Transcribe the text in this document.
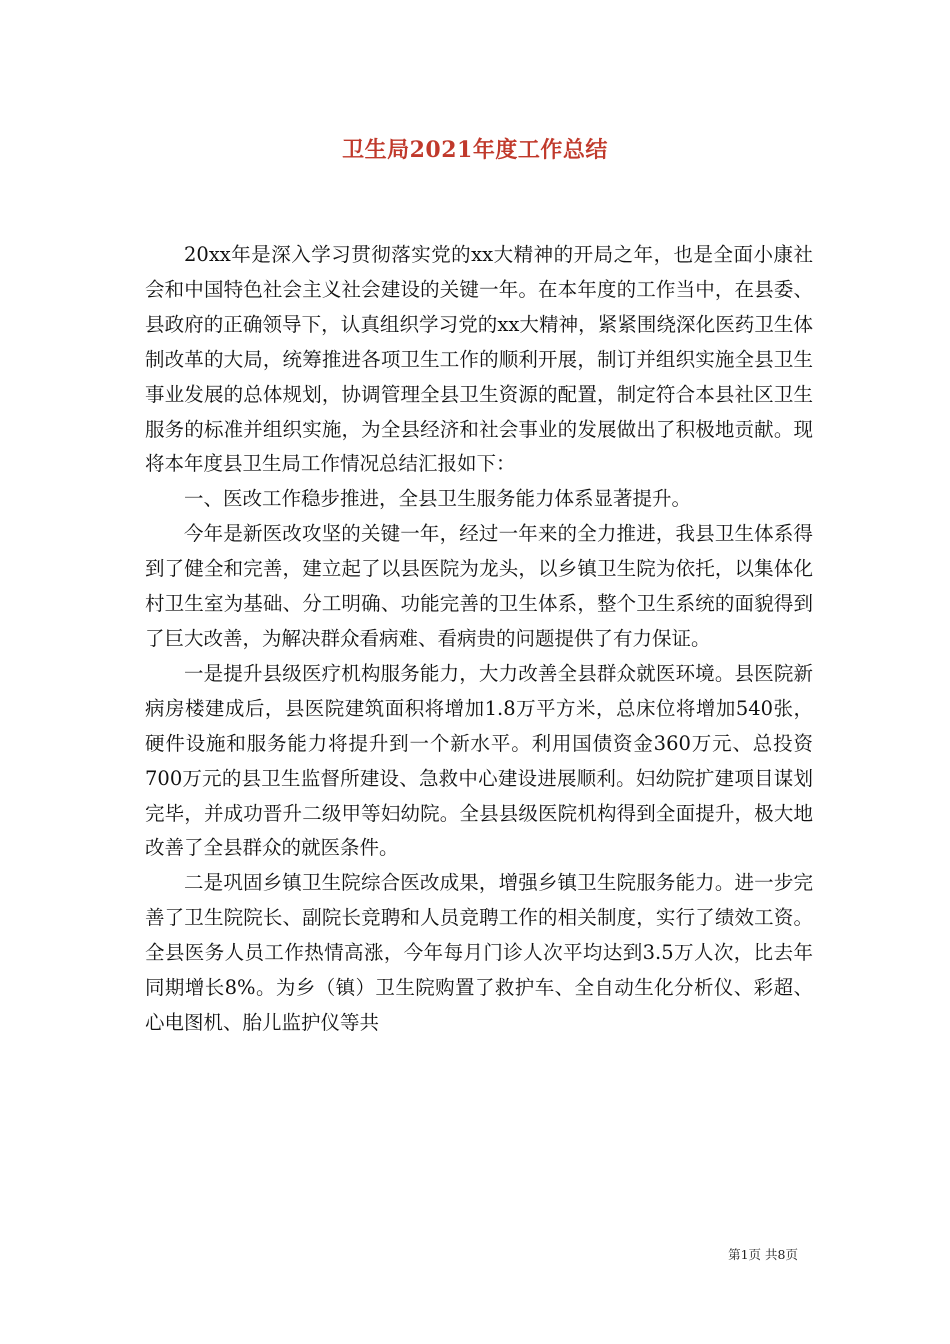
卫生局2021年度工作总结

20xx年是深入学习贯彻落实党的xx大精神的开局之年，也是全面小康社会和中国特色社会主义社会建设的关键一年。在本年度的工作当中，在县委、县政府的正确领导下，认真组织学习党的xx大精神，紧紧围绕深化医药卫生体制改革的大局，统筹推进各项卫生工作的顺利开展，制订并组织实施全县卫生事业发展的总体规划，协调管理全县卫生资源的配置，制定符合本县社区卫生服务的标准并组织实施，为全县经济和社会事业的发展做出了积极地贡献。现将本年度县卫生局工作情况总结汇报如下：

一、医改工作稳步推进，全县卫生服务能力体系显著提升。

今年是新医改攻坚的关键一年，经过一年来的全力推进，我县卫生体系得到了健全和完善，建立起了以县医院为龙头，以乡镇卫生院为依托，以集体化村卫生室为基础、分工明确、功能完善的卫生体系，整个卫生系统的面貌得到了巨大改善，为解决群众看病难、看病贵的问题提供了有力保证。

一是提升县级医疗机构服务能力，大力改善全县群众就医环境。县医院新病房楼建成后，县医院建筑面积将增加1.8万平方米，总床位将增加540张，硬件设施和服务能力将提升到一个新水平。利用国债资金360万元、总投资700万元的县卫生监督所建设、急救中心建设进展顺利。妇幼院扩建项目谋划完毕，并成功晋升二级甲等妇幼院。全县县级医院机构得到全面提升，极大地改善了全县群众的就医条件。

二是巩固乡镇卫生院综合医改成果，增强乡镇卫生院服务能力。进一步完善了卫生院院长、副院长竞聘和人员竞聘工作的相关制度，实行了绩效工资。全县医务人员工作热情高涨，今年每月门诊人次平均达到3.5万人次，比去年同期增长8%。为乡（镇）卫生院购置了救护车、全自动生化分析仪、彩超、心电图机、胎儿监护仪等共

第1页 共8页
